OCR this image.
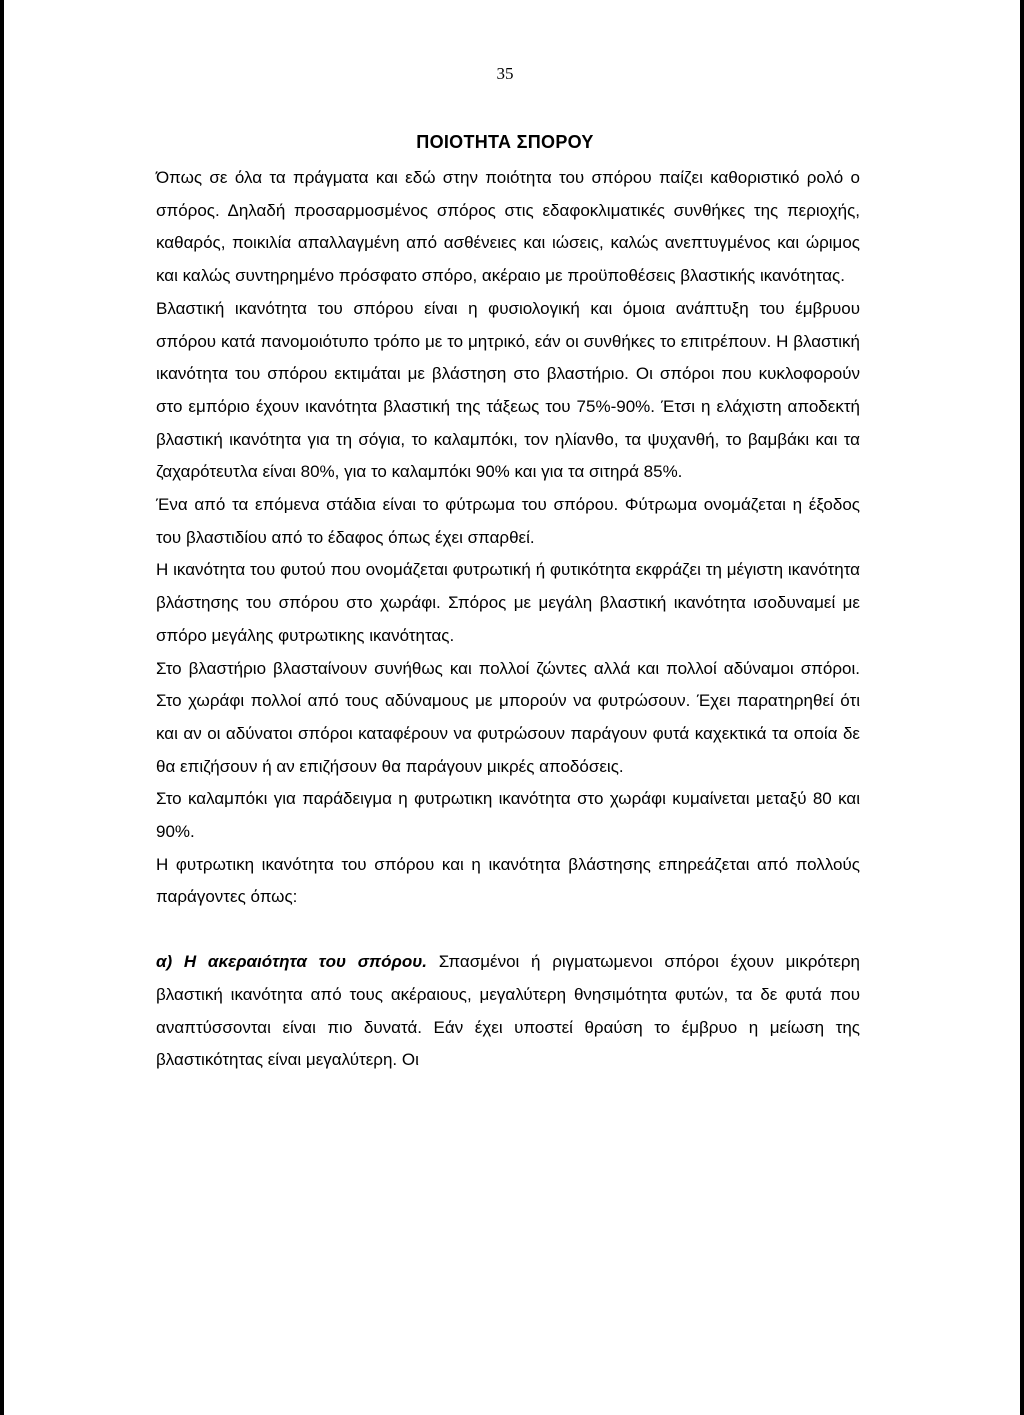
35
ΠΟΙΟΤΗΤΑ ΣΠΟΡΟΥ

Όπως σε όλα τα πράγματα και εδώ στην ποιότητα του σπόρου παίζει καθοριστικό ρολό ο σπόρος. Δηλαδή προσαρμοσμένος σπόρος στις εδαφοκλιματικές συνθήκες της περιοχής, καθαρός, ποικιλία απαλλαγμένη από ασθένειες και ιώσεις, καλώς ανεπτυγμένος και ώριμος και καλώς συντηρημένο πρόσφατο σπόρο, ακέραιο με προϋποθέσεις βλαστικής ικανότητας.

Βλαστική ικανότητα του σπόρου είναι η φυσιολογική και όμοια ανάπτυξη του έμβρυου σπόρου κατά πανομοιότυπο τρόπο με το μητρικό, εάν οι συνθήκες το επιτρέπουν. Η βλαστική ικανότητα του σπόρου εκτιμάται με βλάστηση στο βλαστήριο. Οι σπόροι που κυκλοφορούν στο εμπόριο έχουν ικανότητα βλαστική της τάξεως του 75%-90%. Έτσι η ελάχιστη αποδεκτή βλαστική ικανότητα για τη σόγια, το καλαμπόκι, τον ηλίανθο, τα ψυχανθή, το βαμβάκι και τα ζαχαρότευτλα είναι 80%, για το καλαμπόκι 90% και για τα σιτηρά 85%.

Ένα από τα επόμενα στάδια είναι το φύτρωμα του σπόρου. Φύτρωμα ονομάζεται η έξοδος του βλαστιδίου από το έδαφος όπως έχει σπαρθεί.

Η ικανότητα του φυτού που ονομάζεται φυτρωτική ή φυτικότητα εκφράζει τη μέγιστη ικανότητα βλάστησης του σπόρου στο χωράφι. Σπόρος με μεγάλη βλαστική ικανότητα ισοδυναμεί με σπόρο μεγάλης φυτρωτικης ικανότητας.

Στο βλαστήριο βλασταίνουν συνήθως και πολλοί ζώντες αλλά και πολλοί αδύναμοι σπόροι. Στο χωράφι πολλοί από τους αδύναμους με μπορούν να φυτρώσουν. Έχει παρατηρηθεί ότι και αν οι αδύνατοι σπόροι καταφέρουν να φυτρώσουν παράγουν φυτά καχεκτικά τα οποία δε θα επιζήσουν ή αν επιζήσουν θα παράγουν μικρές αποδόσεις.

Στο καλαμπόκι για παράδειγμα η φυτρωτικη ικανότητα στο χωράφι κυμαίνεται μεταξύ 80 και 90%.

Η φυτρωτικη ικανότητα του σπόρου και η ικανότητα βλάστησης επηρεάζεται από πολλούς παράγοντες όπως:

α) Η ακεραιότητα του σπόρου. Σπασμένοι ή ριγματωμενοι σπόροι έχουν μικρότερη βλαστική ικανότητα από τους ακέραιους, μεγαλύτερη θνησιμότητα φυτών, τα δε φυτά που αναπτύσσονται είναι πιο δυνατά. Εάν έχει υποστεί θραύση το έμβρυο η μείωση της βλαστικότητας είναι μεγαλύτερη. Οι
